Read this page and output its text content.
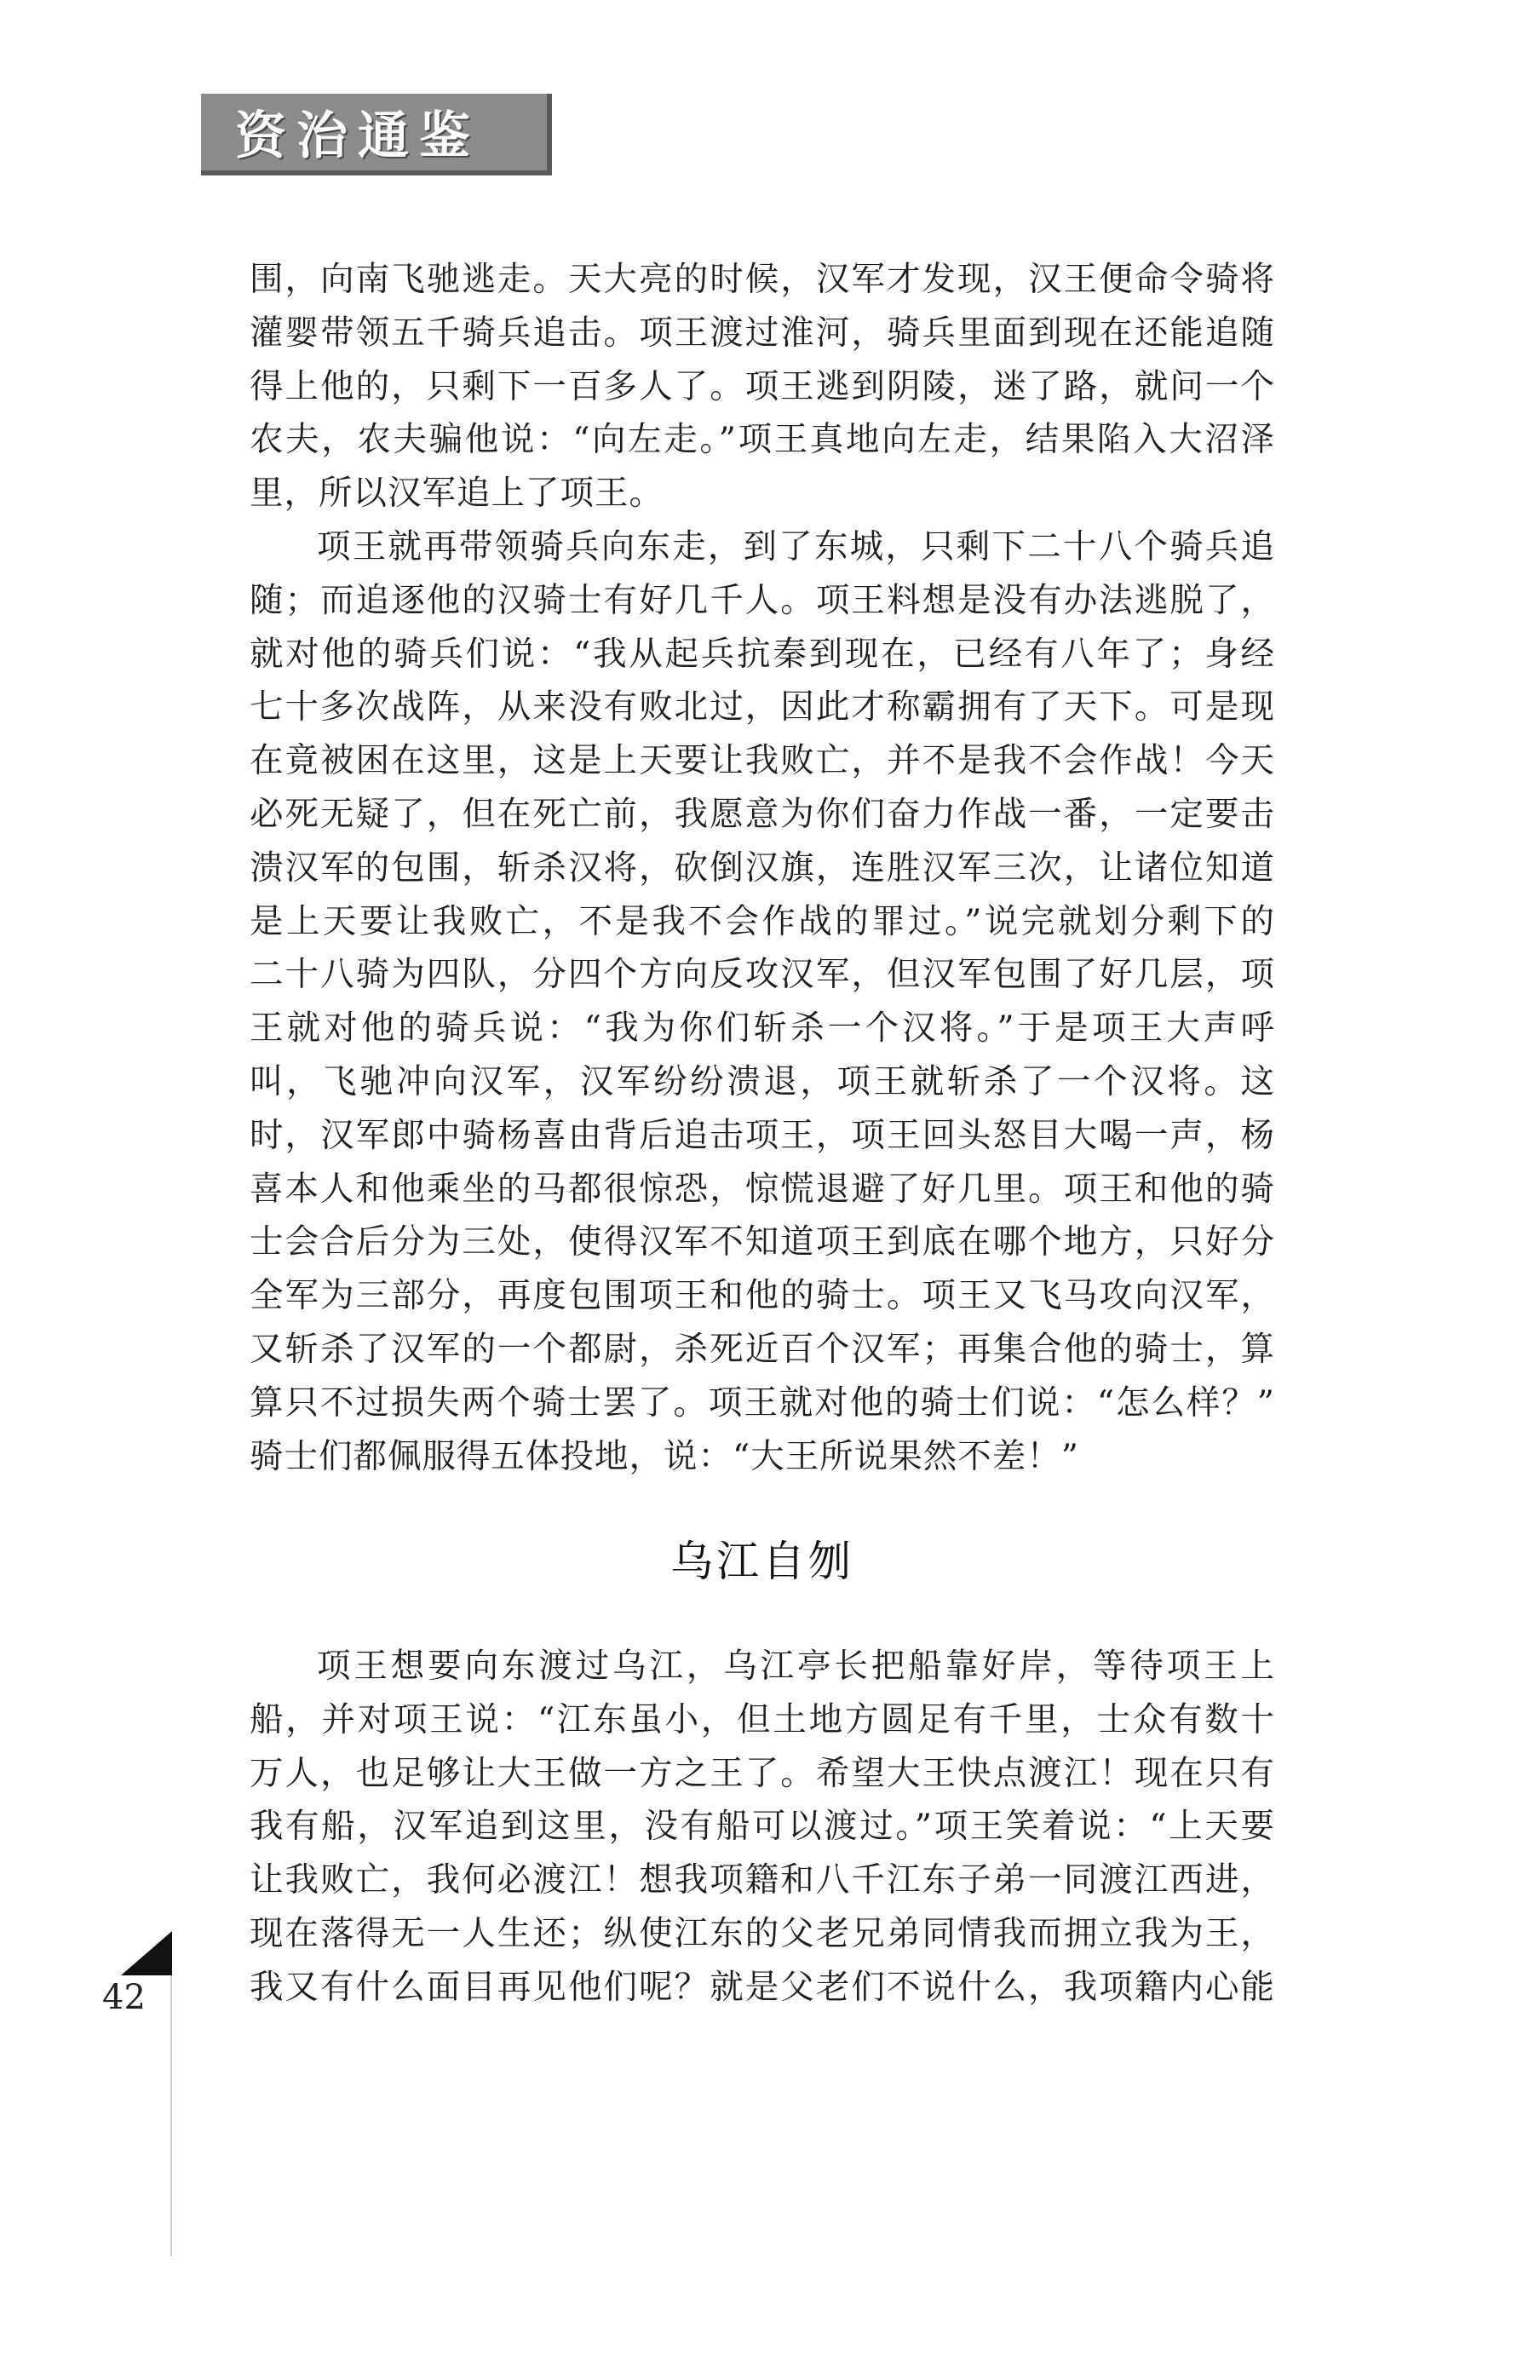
资治通鉴
围，向南飞驰逃走。天大亮的时候，汉军才发现，汉王便命令骑将
灌婴带领五千骑兵追击。项王渡过淮河，骑兵里面到现在还能追随
得上他的，只剩下一百多人了。项王逃到阴陵，迷了路，就问一个
农夫，农夫骗他说：“向左走。”项王真地向左走，结果陷入大沼泽
里，所以汉军追上了项王。
项王就再带领骑兵向东走，到了东城，只剩下二十八个骑兵追
随；而追逐他的汉骑士有好几千人。项王料想是没有办法逃脱了，
就对他的骑兵们说：“我从起兵抗秦到现在，已经有八年了；身经
七十多次战阵，从来没有败北过，因此才称霸拥有了天下。可是现
在竟被困在这里，这是上天要让我败亡，并不是我不会作战！今天
必死无疑了，但在死亡前，我愿意为你们奋力作战一番，一定要击
溃汉军的包围，斩杀汉将，砍倒汉旗，连胜汉军三次，让诸位知道
是上天要让我败亡，不是我不会作战的罪过。”说完就划分剩下的
二十八骑为四队，分四个方向反攻汉军，但汉军包围了好几层，项
王就对他的骑兵说：“我为你们斩杀一个汉将。”于是项王大声呼
叫，飞驰冲向汉军，汉军纷纷溃退，项王就斩杀了一个汉将。这
时，汉军郎中骑杨喜由背后追击项王，项王回头怒目大喝一声，杨
喜本人和他乘坐的马都很惊恐，惊慌退避了好几里。项王和他的骑
士会合后分为三处，使得汉军不知道项王到底在哪个地方，只好分
全军为三部分，再度包围项王和他的骑士。项王又飞马攻向汉军，
又斩杀了汉军的一个都尉，杀死近百个汉军；再集合他的骑士，算
算只不过损失两个骑士罢了。项王就对他的骑士们说：“怎么样？”
骑士们都佩服得五体投地，说：“大王所说果然不差！”
乌江自刎
项王想要向东渡过乌江，乌江亭长把船靠好岸，等待项王上
船，并对项王说：“江东虽小，但土地方圆足有千里，士众有数十
万人，也足够让大王做一方之王了。希望大王快点渡江！现在只有
我有船，汉军追到这里，没有船可以渡过。”项王笑着说：“上天要
让我败亡，我何必渡江！想我项籍和八千江东子弟一同渡江西进，
现在落得无一人生还；纵使江东的父老兄弟同情我而拥立我为王，
我又有什么面目再见他们呢？就是父老们不说什么，我项籍内心能
42
